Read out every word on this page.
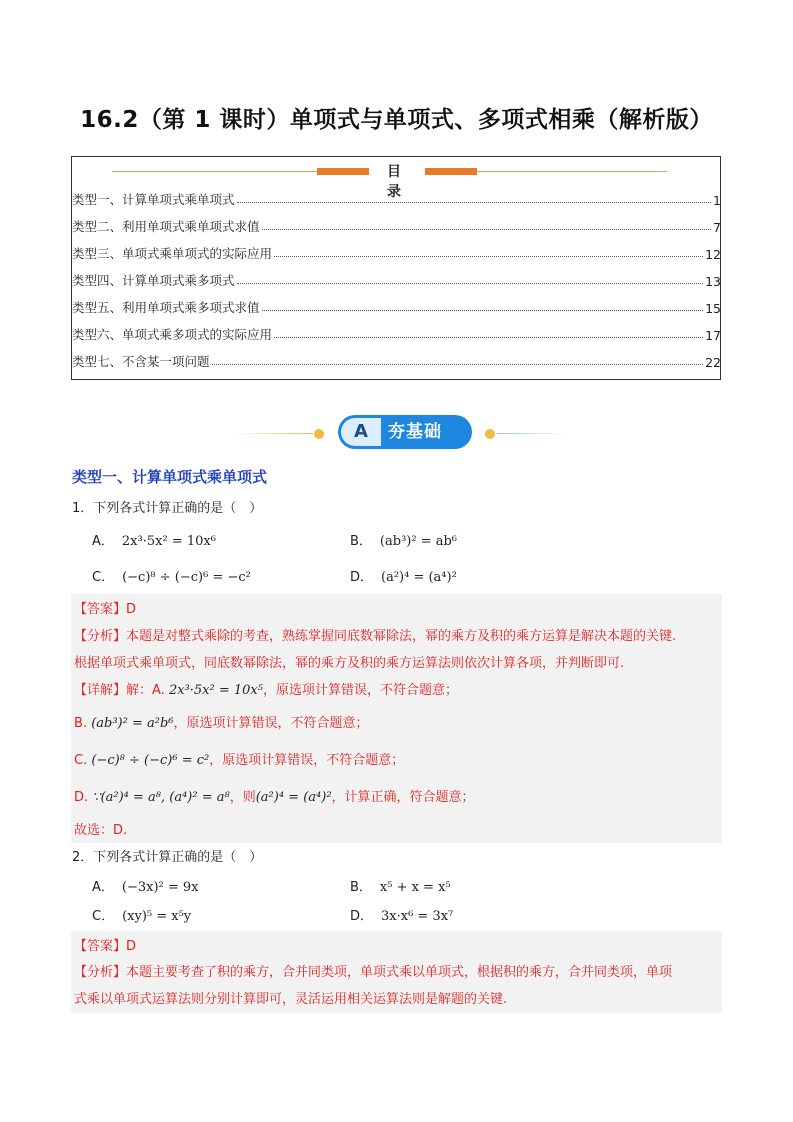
16.2（第 1 课时）单项式与单项式、多项式相乘（解析版）
目 录
类型一、计算单项式乘单项式	1
类型二、利用单项式乘单项式求值	7
类型三、单项式乘单项式的实际应用	12
类型四、计算单项式乘多项式	13
类型五、利用单项式乘多项式求值	15
类型六、单项式乘多项式的实际应用	17
类型七、不含某一项问题	22
A	夯基础
类型一、计算单项式乘单项式
1．下列各式计算正确的是（　）
A． 2x³·5x² = 10x⁶	B． (ab³)² = ab⁶
C． (−c)⁸ ÷ (−c)⁶ = −c²	D． (a²)⁴ = (a⁴)²
【答案】D
【分析】本题是对整式乘除的考查，熟练掌握同底数幂除法，幂的乘方及积的乘方运算是解决本题的关键.
根据单项式乘单项式，同底数幂除法，幂的乘方及积的乘方运算法则依次计算各项，并判断即可.
【详解】解：A. 2x³·5x² = 10x⁵，原选项计算错误，不符合题意；
B. (ab³)² = a²b⁶，原选项计算错误，不符合题意；
C. (−c)⁸ ÷ (−c)⁶ = c²，原选项计算错误，不符合题意；
D. ∵(a²)⁴ = a⁸, (a⁴)² = a⁸，则(a²)⁴ = (a⁴)²，计算正确，符合题意；
故选：D.
2．下列各式计算正确的是（　）
A． (−3x)² = 9x	B． x⁵ + x = x⁵
C． (xy)⁵ = x⁵y	D． 3x·x⁶ = 3x⁷
【答案】D
【分析】本题主要考查了积的乘方，合并同类项，单项式乘以单项式，根据积的乘方，合并同类项，单项
式乘以单项式运算法则分别计算即可，灵活运用相关运算法则是解题的关键.
